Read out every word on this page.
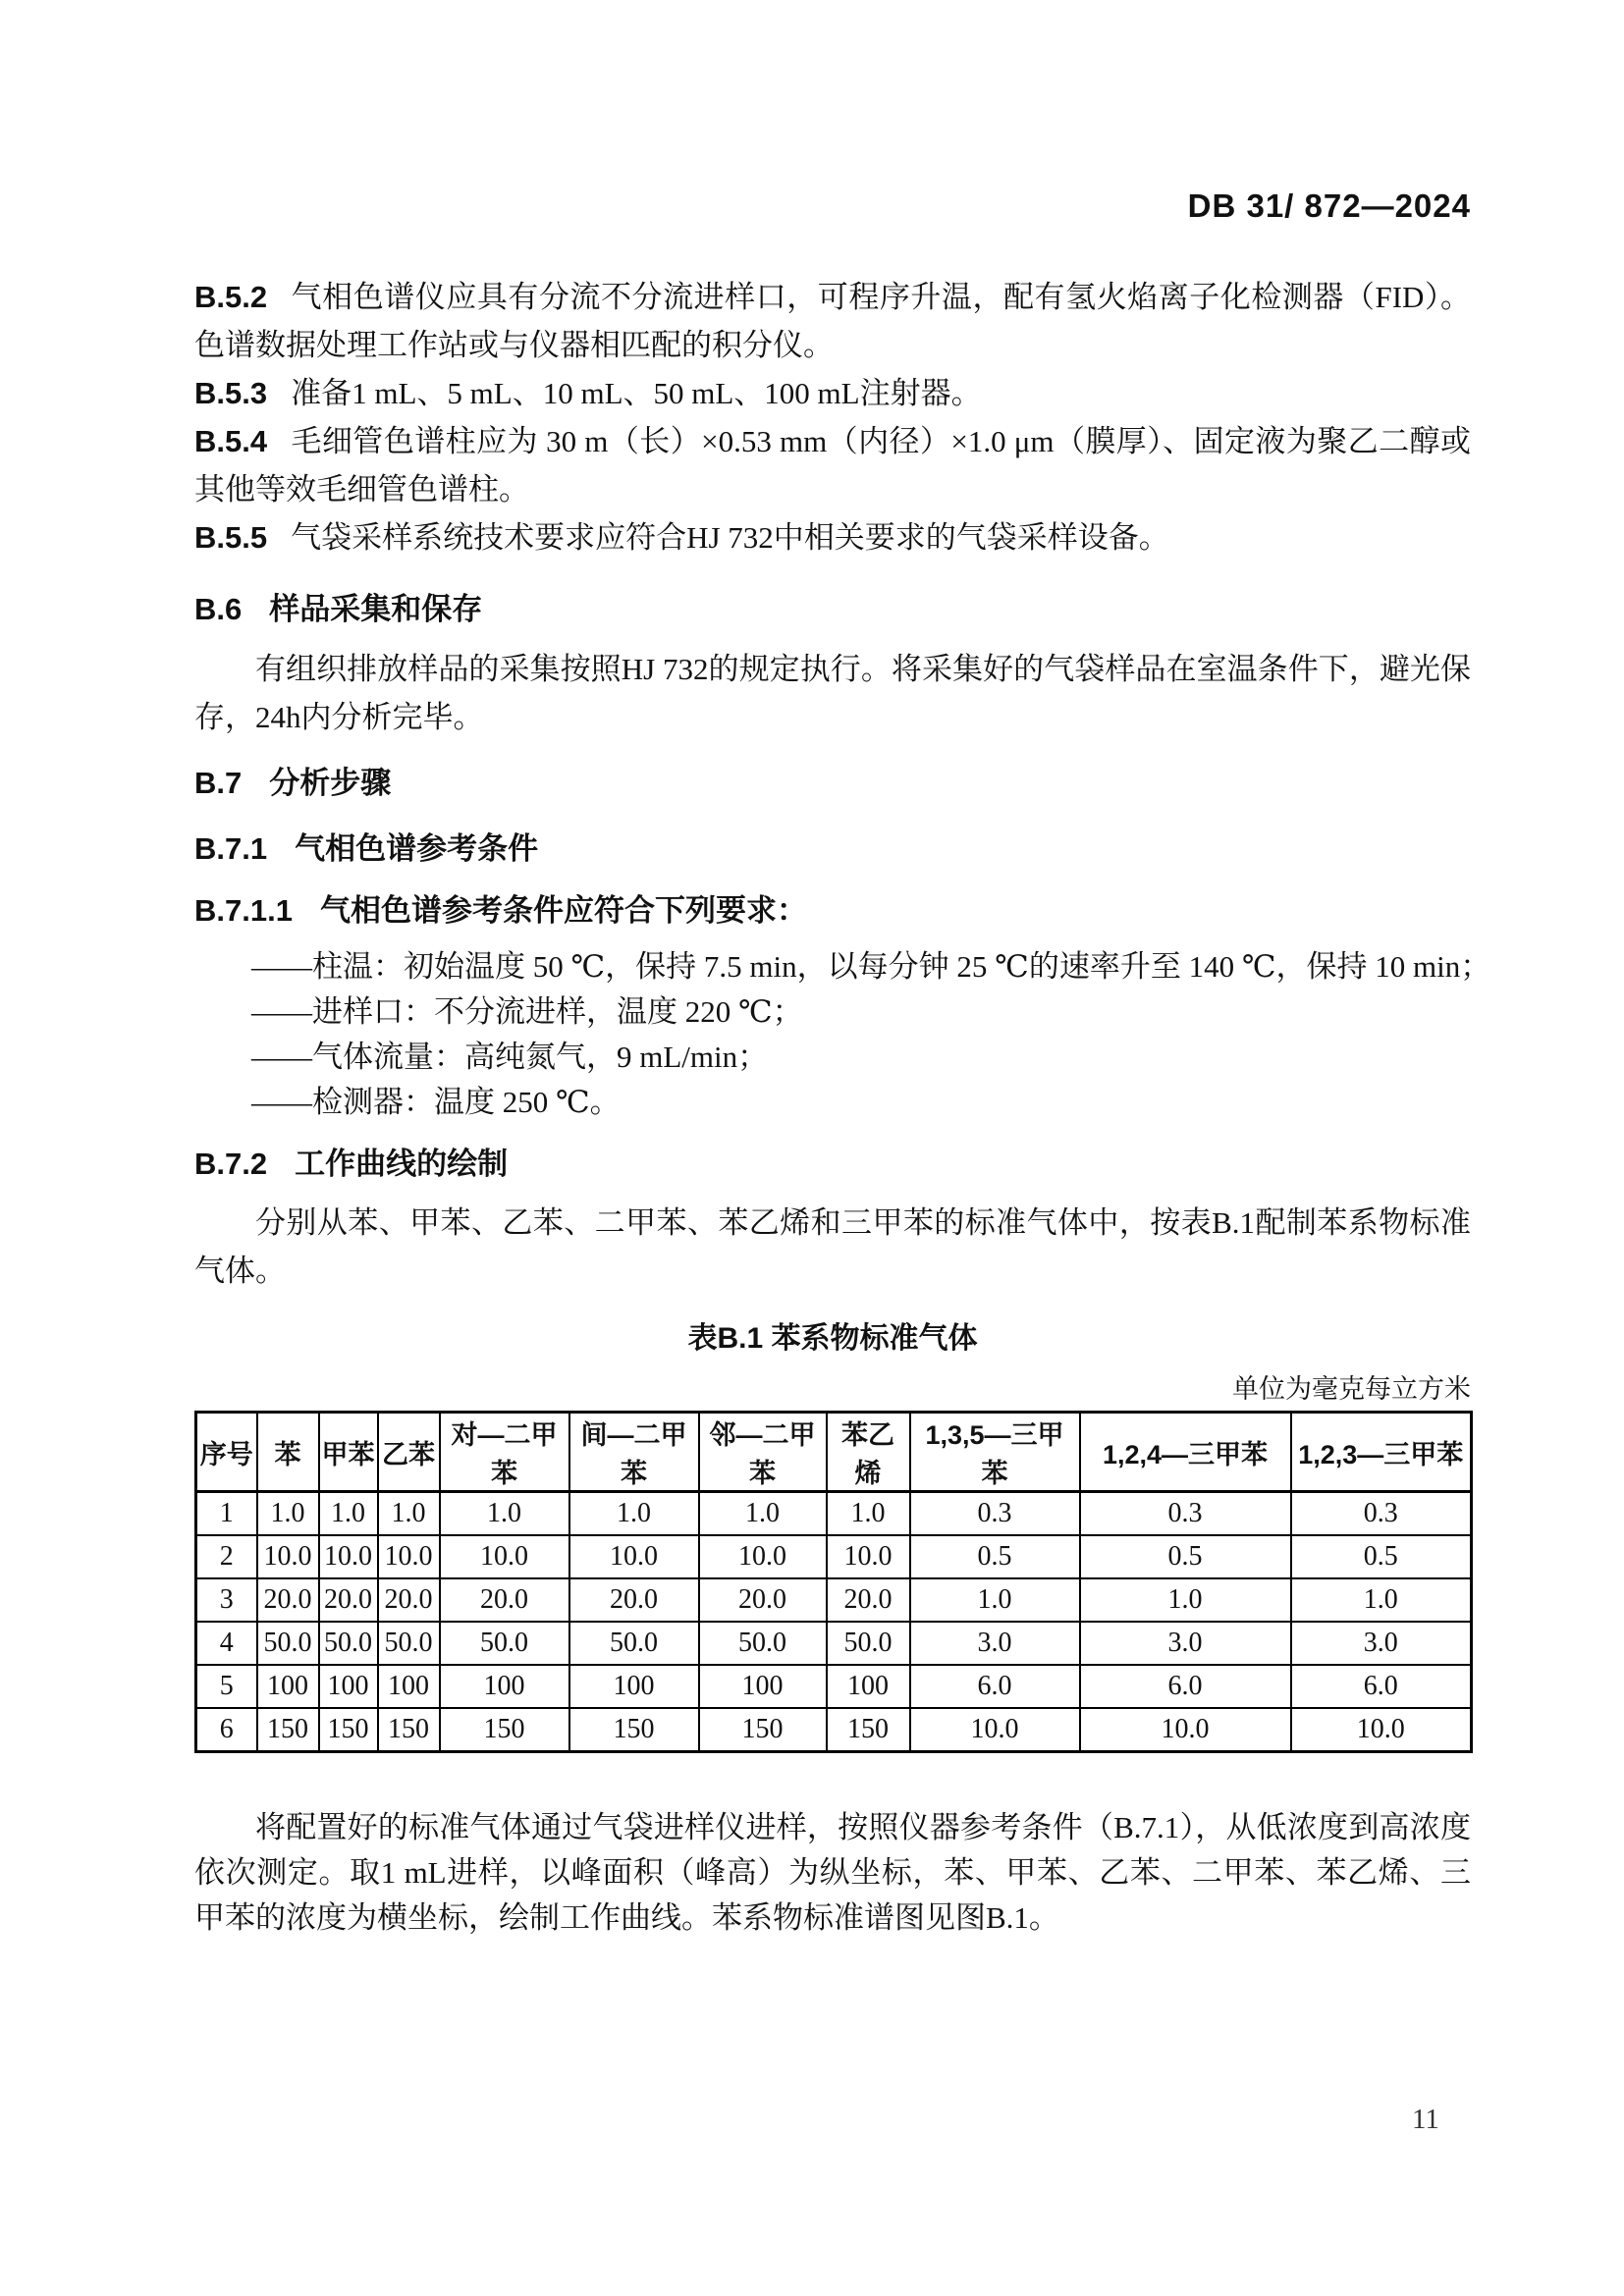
DB 31/ 872—2024

B.5.2 气相色谱仪应具有分流不分流进样口，可程序升温，配有氢火焰离子化检测器（FID）。色谱数据处理工作站或与仪器相匹配的积分仪。

B.5.3 准备1 mL、5 mL、10 mL、50 mL、100 mL注射器。

B.5.4 毛细管色谱柱应为 30 m（长）×0.53 mm（内径）×1.0 μm（膜厚）、固定液为聚乙二醇或其他等效毛细管色谱柱。

B.5.5 气袋采样系统技术要求应符合HJ 732中相关要求的气袋采样设备。

B.6 样品采集和保存

有组织排放样品的采集按照HJ 732的规定执行。将采集好的气袋样品在室温条件下，避光保存，24h内分析完毕。

B.7 分析步骤

B.7.1 气相色谱参考条件

B.7.1.1 气相色谱参考条件应符合下列要求：

——柱温：初始温度 50 ℃，保持 7.5 min，以每分钟 25 ℃的速率升至 140 ℃，保持 10 min；

——进样口：不分流进样，温度 220 ℃；

——气体流量：高纯氮气，9 mL/min；

——检测器：温度 250 ℃。

B.7.2 工作曲线的绘制

分别从苯、甲苯、乙苯、二甲苯、苯乙烯和三甲苯的标准气体中，按表B.1配制苯系物标准气体。

表B.1 苯系物标准气体

单位为毫克每立方米

序号	苯	甲苯	乙苯	对—二甲苯	间—二甲苯	邻—二甲苯	苯乙烯	1,3,5—三甲苯	1,2,4—三甲苯	1,2,3—三甲苯
1	1.0	1.0	1.0	1.0	1.0	1.0	1.0	0.3	0.3	0.3
2	10.0	10.0	10.0	10.0	10.0	10.0	10.0	0.5	0.5	0.5
3	20.0	20.0	20.0	20.0	20.0	20.0	20.0	1.0	1.0	1.0
4	50.0	50.0	50.0	50.0	50.0	50.0	50.0	3.0	3.0	3.0
5	100	100	100	100	100	100	100	6.0	6.0	6.0
6	150	150	150	150	150	150	150	10.0	10.0	10.0

将配置好的标准气体通过气袋进样仪进样，按照仪器参考条件（B.7.1），从低浓度到高浓度依次测定。取1 mL进样，以峰面积（峰高）为纵坐标，苯、甲苯、乙苯、二甲苯、苯乙烯、三甲苯的浓度为横坐标，绘制工作曲线。苯系物标准谱图见图B.1。

11
